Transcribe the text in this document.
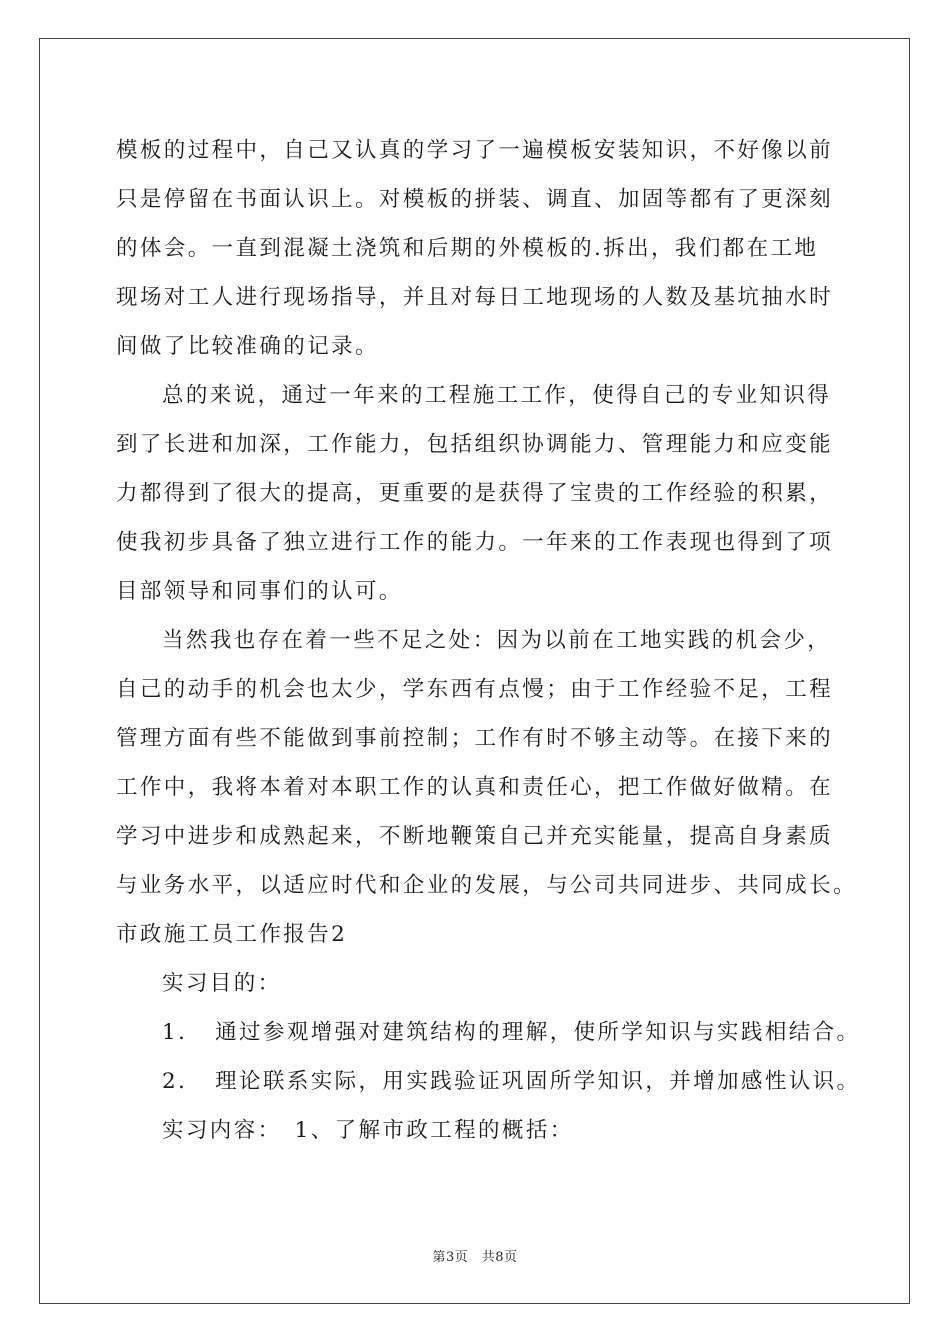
模板的过程中，自己又认真的学习了一遍模板安装知识，不好像以前
只是停留在书面认识上。对模板的拼装、调直、加固等都有了更深刻
的体会。一直到混凝土浇筑和后期的外模板的.拆出，我们都在工地
现场对工人进行现场指导，并且对每日工地现场的人数及基坑抽水时
间做了比较准确的记录。
总的来说，通过一年来的工程施工工作，使得自己的专业知识得
到了长进和加深，工作能力，包括组织协调能力、管理能力和应变能
力都得到了很大的提高，更重要的是获得了宝贵的工作经验的积累，
使我初步具备了独立进行工作的能力。一年来的工作表现也得到了项
目部领导和同事们的认可。
当然我也存在着一些不足之处：因为以前在工地实践的机会少，
自己的动手的机会也太少，学东西有点慢；由于工作经验不足，工程
管理方面有些不能做到事前控制；工作有时不够主动等。在接下来的
工作中，我将本着对本职工作的认真和责任心，把工作做好做精。在
学习中进步和成熟起来，不断地鞭策自己并充实能量，提高自身素质
与业务水平，以适应时代和企业的发展，与公司共同进步、共同成长。
市政施工员工作报告2
实习目的：
1．　通过参观增强对建筑结构的理解，使所学知识与实践相结合。
2．　理论联系实际，用实践验证巩固所学知识，并增加感性认识。
实习内容：　1、了解市政工程的概括：
第3页　共8页
